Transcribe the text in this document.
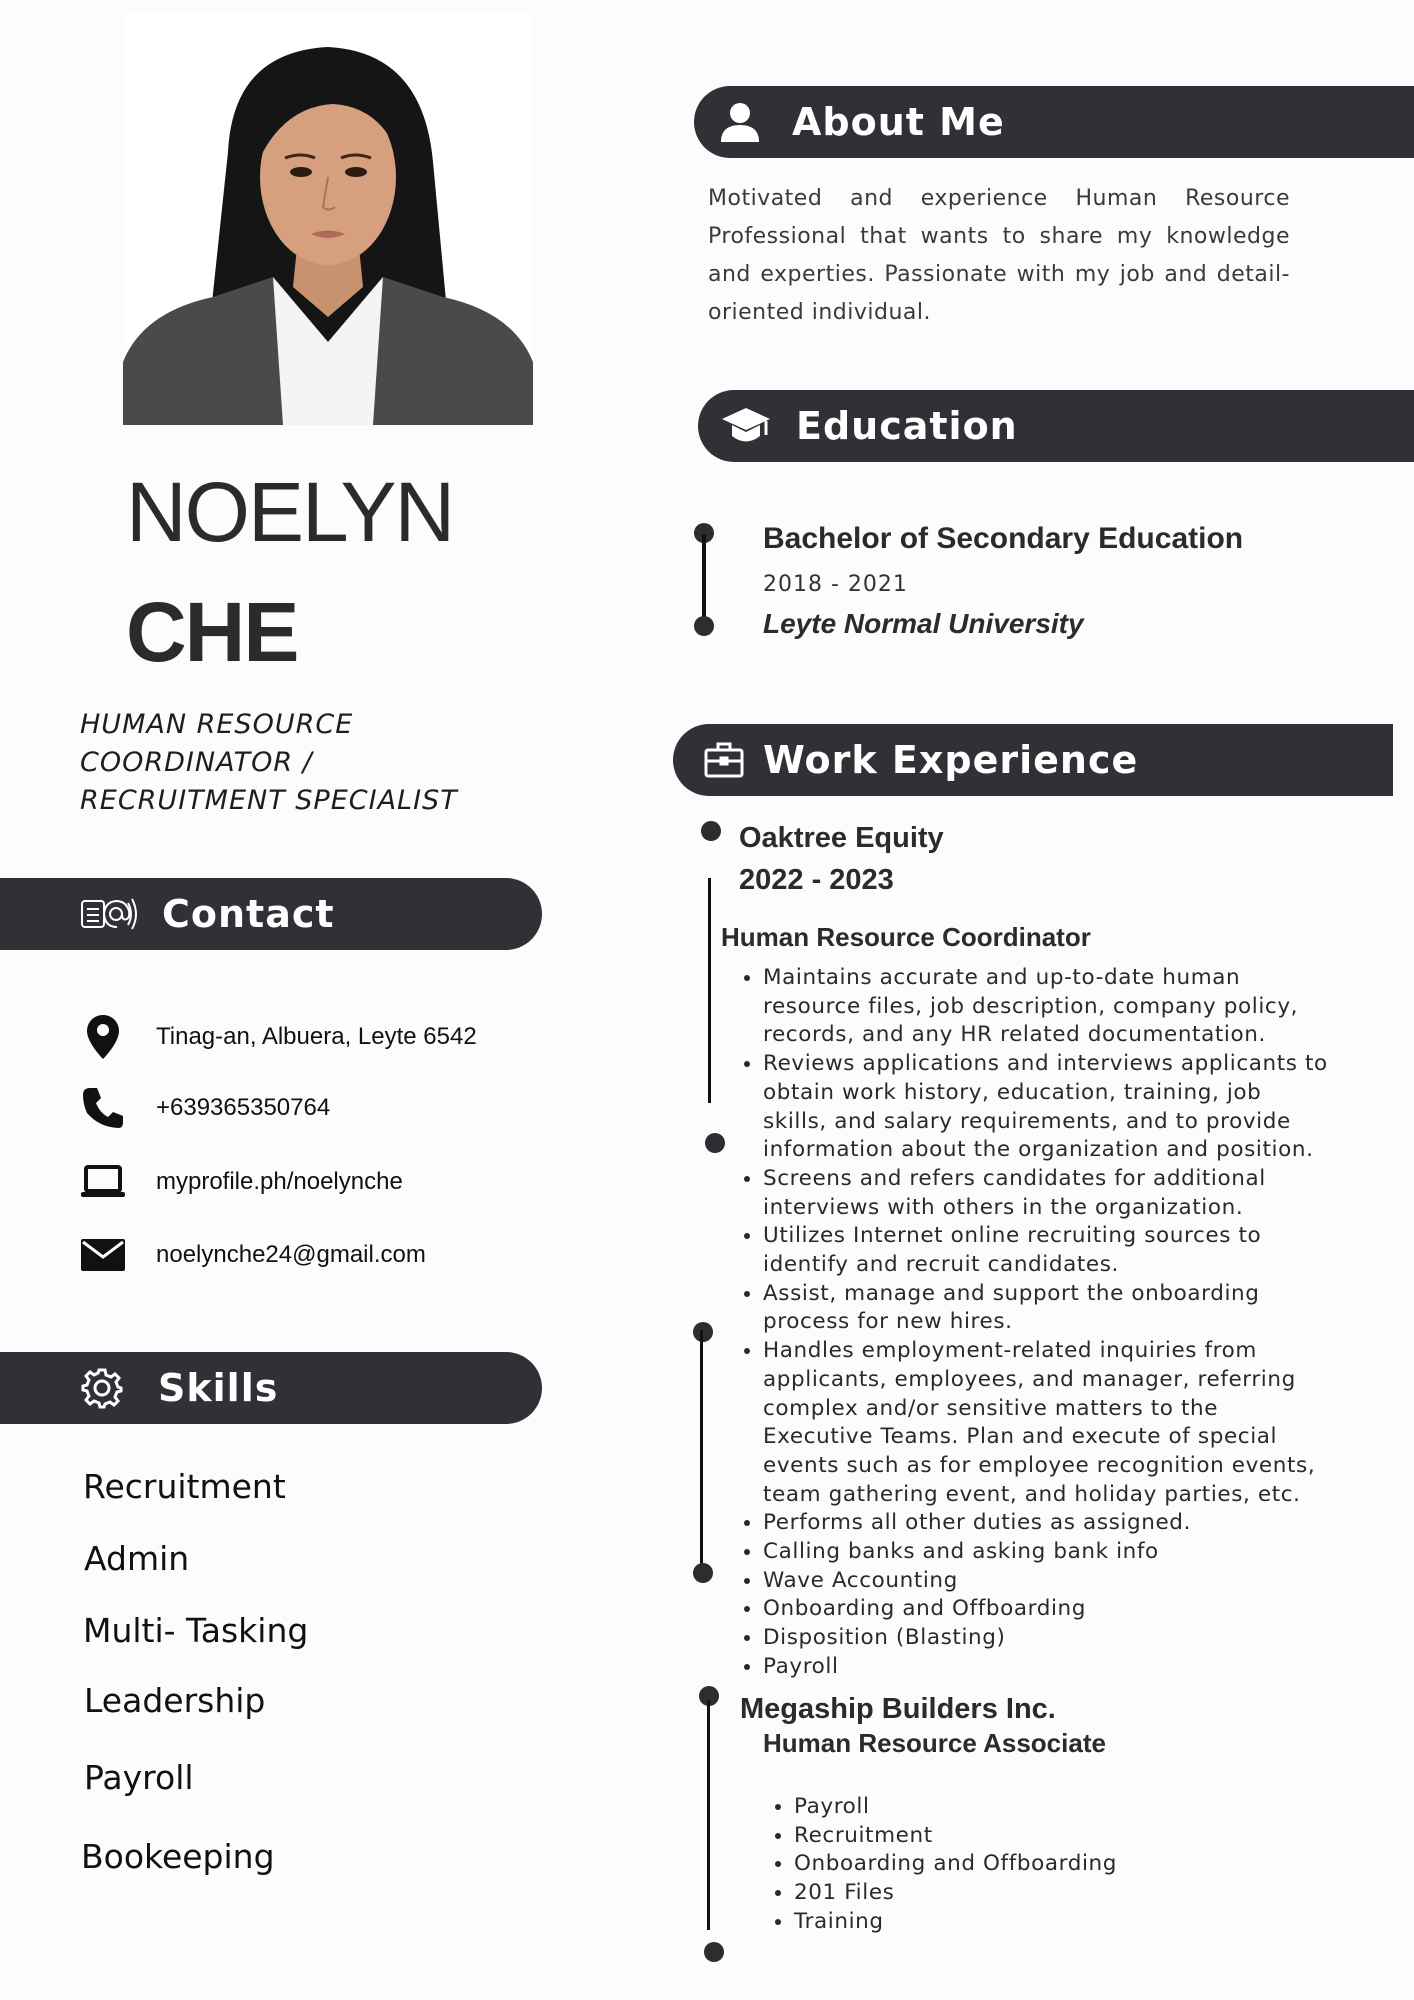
NOELYN
CHE
HUMAN RESOURCE
COORDINATOR /
RECRUITMENT SPECIALIST
Contact
Tinag-an, Albuera, Leyte 6542
+639365350764
myprofile.ph/noelynche
noelynche24@gmail.com
Skills
Recruitment
Admin
Multi- Tasking
Leadership
Payroll
Bookeeping
About Me
Motivated and experience Human Resource Professional that wants to share my knowledge and experties. Passionate with my job and detail-oriented individual.
Education
Bachelor of Secondary Education
2018 - 2021
Leyte Normal University
Work Experience
Oaktree Equity
2022 - 2023
Human Resource Coordinator
• Maintains accurate and up-to-date human resource files, job description, company policy, records, and any HR related documentation.
• Reviews applications and interviews applicants to obtain work history, education, training, job skills, and salary requirements, and to provide information about the organization and position.
• Screens and refers candidates for additional interviews with others in the organization.
• Utilizes Internet online recruiting sources to identify and recruit candidates.
• Assist, manage and support the onboarding process for new hires.
• Handles employment-related inquiries from applicants, employees, and manager, referring complex and/or sensitive matters to the Executive Teams. Plan and execute of special events such as for employee recognition events, team gathering event, and holiday parties, etc.
• Performs all other duties as assigned.
• Calling banks and asking bank info
• Wave Accounting
• Onboarding and Offboarding
• Disposition (Blasting)
• Payroll
Megaship Builders Inc.
Human Resource Associate
• Payroll
• Recruitment
• Onboarding and Offboarding
• 201 Files
• Training
